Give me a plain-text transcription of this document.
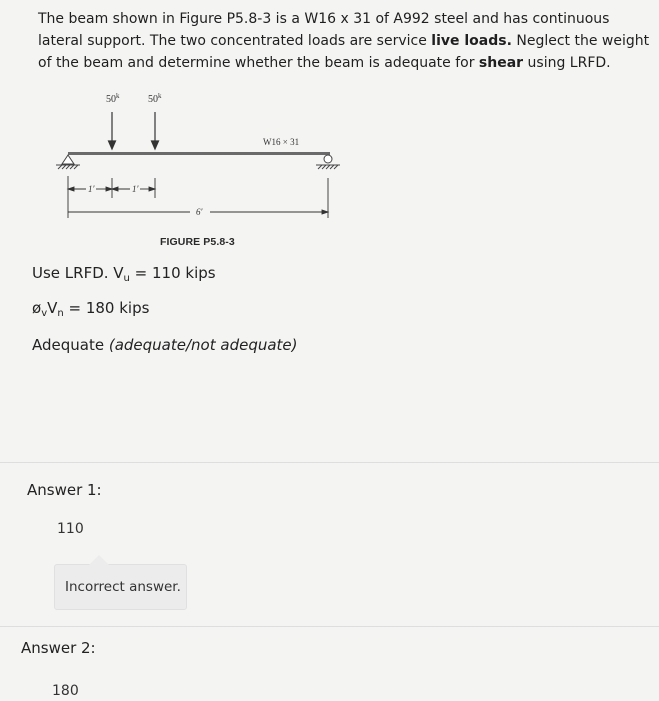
The beam shown in Figure P5.8-3 is a W16 x 31 of A992 steel and has continuous lateral support. The two concentrated loads are service live loads. Neglect the weight of the beam and determine whether the beam is adequate for shear using LRFD.
50$^k$	50$^k$
W16 × 31
1′	1′
6′
FIGURE P5.8-3
Use LRFD. $V_u = 110$ kips
$ø_vV_n = 180$ kips
Adequate (adequate/not adequate)
Answer 1:
110
Incorrect answer.
Answer 2:
180
